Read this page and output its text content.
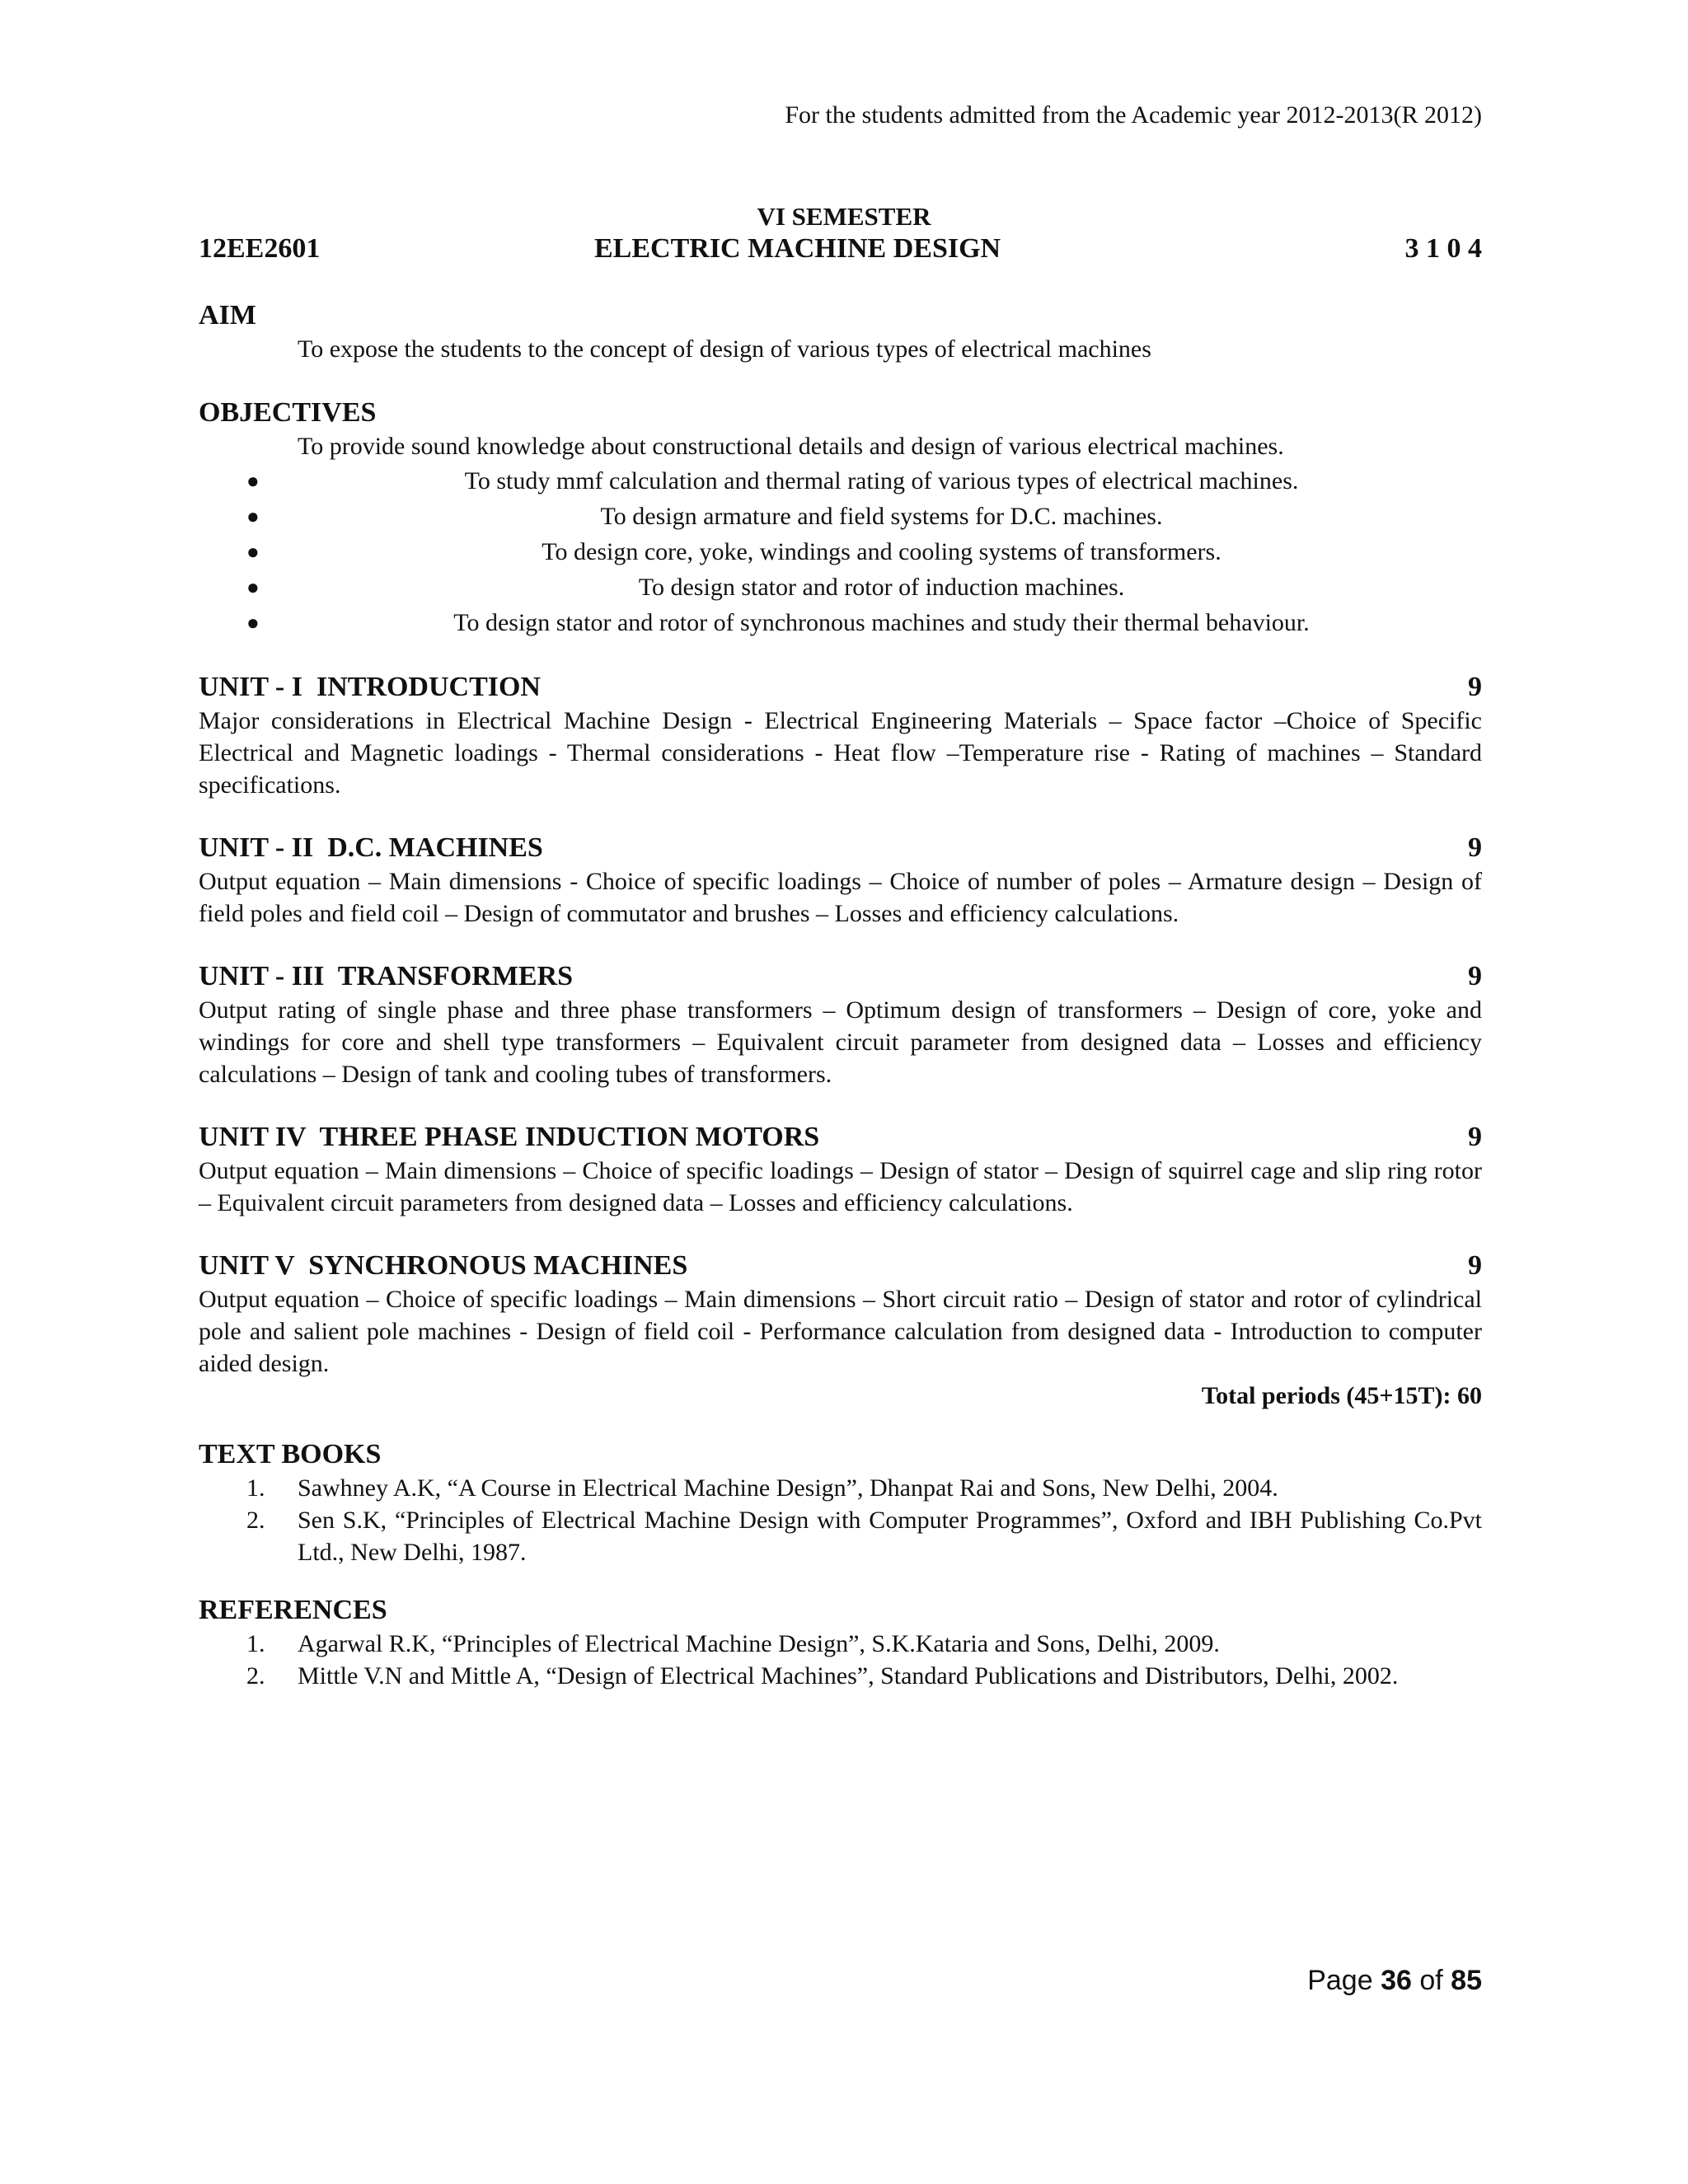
For the students admitted from the Academic year 2012-2013(R 2012)
VI SEMESTER
12EE2601	ELECTRIC MACHINE DESIGN	3 1 0 4

AIM

To expose the students to the concept of design of various types of electrical machines

OBJECTIVES

To provide sound knowledge about constructional details and design of various electrical machines.

●	To study mmf calculation and thermal rating of various types of electrical machines.
●	To design armature and field systems for D.C. machines.
●	To design core, yoke, windings and cooling systems of transformers.
●	To design stator and rotor of induction machines.
●	To design stator and rotor of synchronous machines and study their thermal behaviour.
UNIT - I  INTRODUCTION	9

Major considerations in Electrical Machine Design - Electrical Engineering Materials – Space factor –Choice of Specific Electrical and Magnetic loadings - Thermal considerations - Heat flow –Temperature rise - Rating of machines – Standard specifications.

UNIT - II  D.C. MACHINES	9

Output equation – Main dimensions - Choice of specific loadings – Choice of number of poles – Armature design – Design of field poles and field coil – Design of commutator and brushes – Losses and efficiency calculations.

UNIT - III  TRANSFORMERS	9

Output rating of single phase and three phase transformers – Optimum design of transformers – Design of core, yoke and windings for core and shell type transformers – Equivalent circuit parameter from designed data – Losses and efficiency calculations – Design of tank and cooling tubes of transformers.

UNIT IV  THREE PHASE INDUCTION MOTORS	9

Output equation – Main dimensions – Choice of specific loadings – Design of stator – Design of squirrel cage and slip ring rotor – Equivalent circuit parameters from designed data – Losses and efficiency calculations.

UNIT V  SYNCHRONOUS MACHINES	9

Output equation – Choice of specific loadings – Main dimensions – Short circuit ratio – Design of stator and rotor of cylindrical pole and salient pole machines - Design of field coil - Performance calculation from designed data - Introduction to computer aided design.

Total periods (45+15T): 60

TEXT BOOKS

1. Sawhney A.K, “A Course in Electrical Machine Design”, Dhanpat Rai and Sons, New Delhi, 2004.
2. Sen S.K, “Principles of Electrical Machine Design with Computer Programmes”, Oxford and IBH Publishing Co.Pvt Ltd., New Delhi, 1987.

REFERENCES

1. Agarwal R.K, “Principles of Electrical Machine Design”, S.K.Kataria and Sons, Delhi, 2009.
2. Mittle V.N and Mittle A, “Design of Electrical Machines”, Standard Publications and Distributors, Delhi, 2002.
Page 36 of 85
